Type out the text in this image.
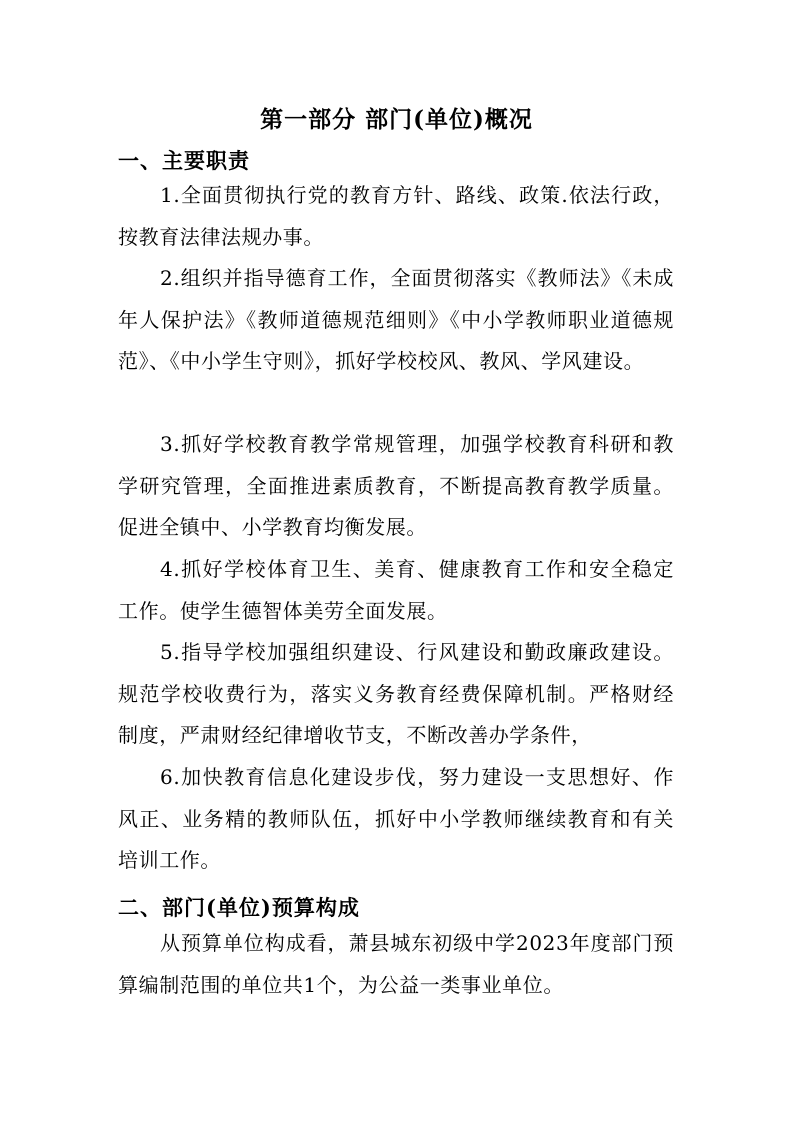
第一部分 部门(单位)概况
一、主要职责

1.全面贯彻执行党的教育方针、路线、政策.依法行政，按教育法律法规办事。

2.组织并指导德育工作，全面贯彻落实《教师法》《未成年人保护法》《教师道德规范细则》《中小学教师职业道德规范》、《中小学生守则》，抓好学校校风、教风、学风建设。

3.抓好学校教育教学常规管理，加强学校教育科研和教学研究管理，全面推进素质教育，不断提高教育教学质量。促进全镇中、小学教育均衡发展。

4.抓好学校体育卫生、美育、健康教育工作和安全稳定工作。使学生德智体美劳全面发展。

5.指导学校加强组织建设、行风建设和勤政廉政建设。规范学校收费行为，落实义务教育经费保障机制。严格财经制度，严肃财经纪律增收节支，不断改善办学条件，

6.加快教育信息化建设步伐，努力建设一支思想好、作风正、业务精的教师队伍，抓好中小学教师继续教育和有关培训工作。

二、部门(单位)预算构成

从预算单位构成看，萧县城东初级中学2023年度部门预算编制范围的单位共1个，为公益一类事业单位。
